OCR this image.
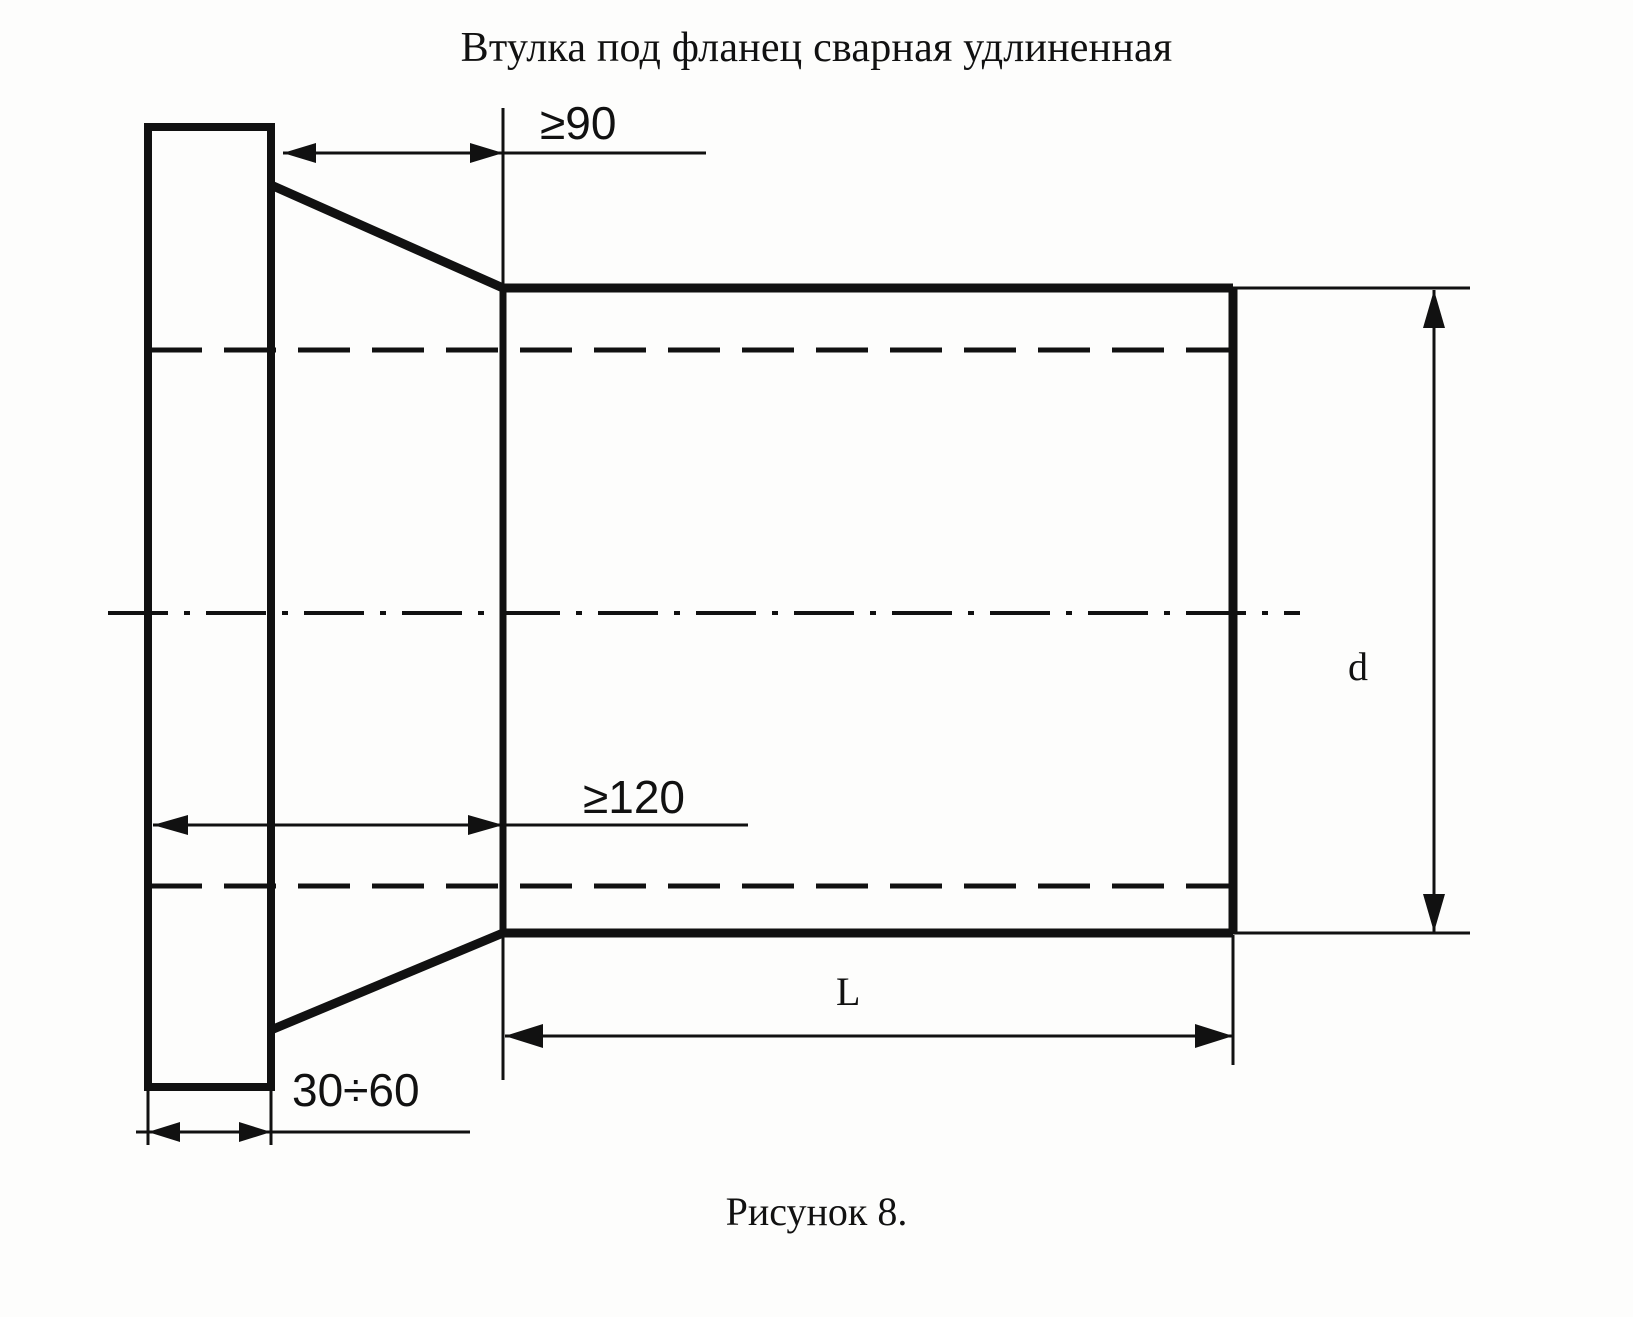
Втулка под фланец сварная удлиненная
≥90
≥120
30÷60
d
L
Рисунок 8.
